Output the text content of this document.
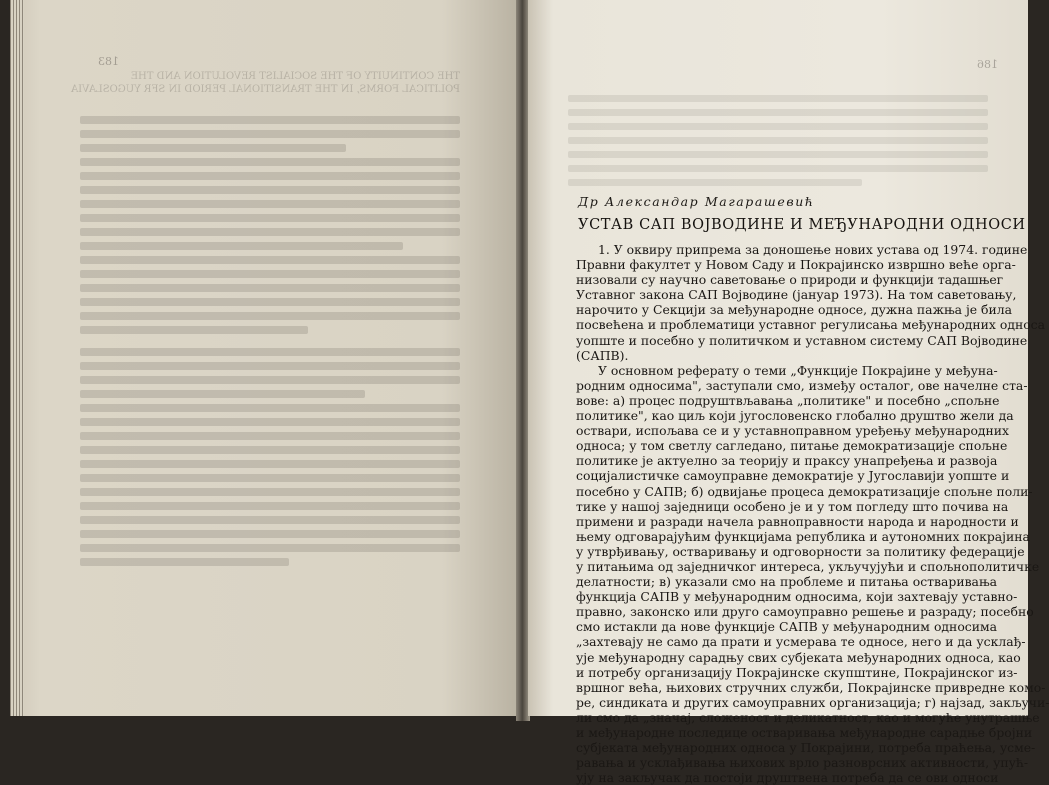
183
THE CONTINUITY OF THE SOCIALIST REVOLUTION AND THE POLITICAL FORMS, IN THE TRANSITIONAL PERIOD IN SFR YUGOSLAVIA
186
Др Александар Магарашевић
УСТАВ САП ВОЈВОДИНЕ И МЕЂУНАРОДНИ ОДНОСИ
1. У оквиру припрема за доношење нових устава од 1974. године
Правни факултет у Новом Саду и Покрајинско извршно веће орга-
низовали су научно саветовање о природи и функцији тадашњег
Уставног закона САП Војводине (јануар 1973). На том саветовању,
нарочито у Секцији за међународне односе, дужна пажња је била
посвећена и проблематици уставног регулисања међународних односа
уопште и посебно у политичком и уставном систему САП Војводине
(САПВ).
У основном реферату о теми „Функције Покрајине у међуна-
родним односима", заступали смо, између осталог, ове начелне ста-
вове: а) процес подруштвљавања „политике" и посебно „спољне
политике", као циљ који југословенско глобално друштво жели да
оствари, испољава се и у уставноправном уређењу међународних
односа; у том светлу сагледано, питање демократизације спољне
политике је актуелно за теорију и праксу унапређења и развоја
социјалистичке самоуправне демократије у Југославији уопште и
посебно у САПВ; б) одвијање процеса демократизације спољне поли-
тике у нашој заједници особено је и у том погледу што почива на
примени и разради начела равноправности народа и народности и
њему одговарајућим функцијама република и аутономних покрајина
у утврђивању, остваривању и одговорности за политику федерације
у питањима од заједничког интереса, укључујући и спољнополитичке
делатности; в) указали смо на проблеме и питања остваривања
функција САПВ у међународним односима, који захтевају уставно-
правно, законско или друго самоуправно решење и разраду; посебно
смо истакли да нове функције САПВ у међународним односима
„захтевају не само да прати и усмерава те односе, него и да усклађ-
ује међународну сарадњу свих субјеката међународних односа, као
и потребу организацију Покрајинске скупштине, Покрајинског из-
вршног већа, њихових стручних служби, Покрајинске привредне комо-
ре, синдиката и других самоуправних организација; г) најзад, закључи-
ли смо да „значај, сложеност и деликатност, као и могуће унутрашње
и међународне последице остваривања међународне сарадње бројни
субјеката међународних односа у Покрајини, потреба праћења, усме-
равања и усклађивања њихових врло разноврсних активности, упућ-
ују на закључак да постоји друштвена потреба да се ови односи
